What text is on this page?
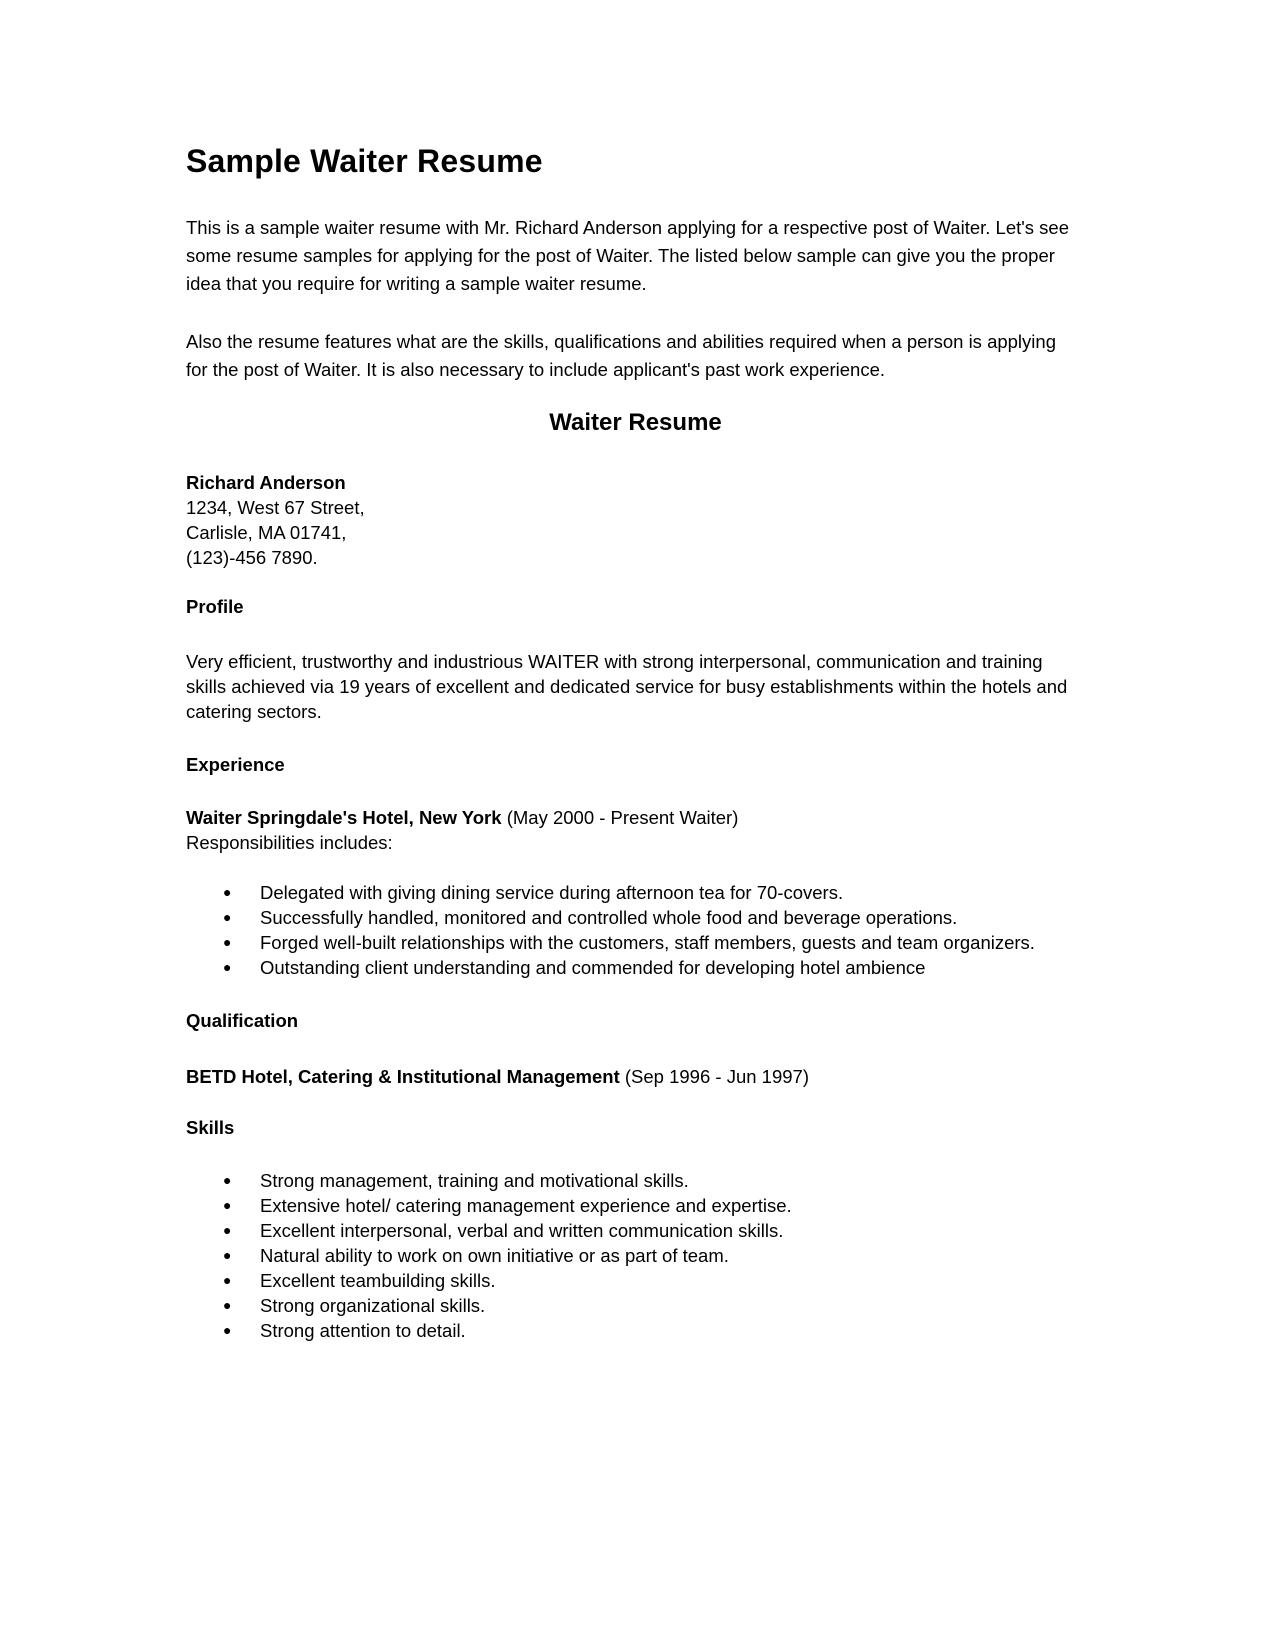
Sample Waiter Resume
This is a sample waiter resume with Mr. Richard Anderson applying for a respective post of Waiter. Let's see
some resume samples for applying for the post of Waiter. The listed below sample can give you the proper
idea that you require for writing a sample waiter resume.
Also the resume features what are the skills, qualifications and abilities required when a person is applying
for the post of Waiter. It is also necessary to include applicant's past work experience.
Waiter Resume
Richard Anderson
1234, West 67 Street,
Carlisle, MA 01741,
(123)-456 7890.
Profile
Very efficient, trustworthy and industrious WAITER with strong interpersonal, communication and training
skills achieved via 19 years of excellent and dedicated service for busy establishments within the hotels and
catering sectors.
Experience
Waiter Springdale's Hotel, New York (May 2000 - Present Waiter)
Responsibilities includes:
● Delegated with giving dining service during afternoon tea for 70-covers.
● Successfully handled, monitored and controlled whole food and beverage operations.
● Forged well-built relationships with the customers, staff members, guests and team organizers.
● Outstanding client understanding and commended for developing hotel ambience
Qualification
BETD Hotel, Catering & Institutional Management (Sep 1996 - Jun 1997)
Skills
● Strong management, training and motivational skills.
● Extensive hotel/ catering management experience and expertise.
● Excellent interpersonal, verbal and written communication skills.
● Natural ability to work on own initiative or as part of team.
● Excellent teambuilding skills.
● Strong organizational skills.
● Strong attention to detail.
